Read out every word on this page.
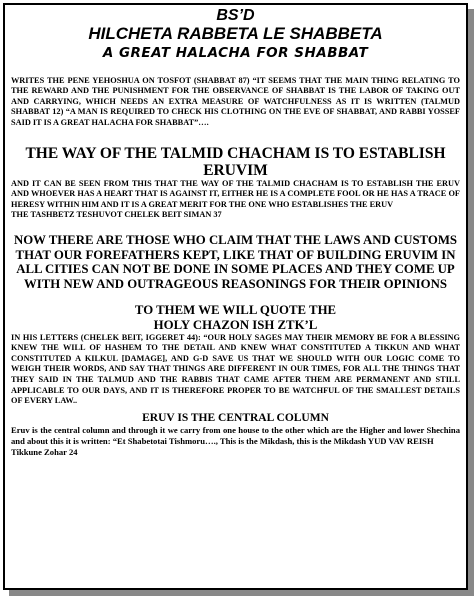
BS’D
HILCHETA RABBETA LE SHABBETA
A GREAT HALACHA FOR SHABBAT

WRITES THE PENE YEHOSHUA ON TOSFOT (SHABBAT 87) “IT SEEMS THAT THE MAIN THING RELATING TO THE REWARD AND THE PUNISHMENT FOR THE OBSERVANCE OF SHABBAT IS THE LABOR OF TAKING OUT AND CARRYING, WHICH NEEDS AN EXTRA MEASURE OF WATCHFULNESS AS IT IS WRITTEN (TALMUD SHABBAT 12) “A MAN IS REQUIRED TO CHECK HIS CLOTHING ON THE EVE OF SHABBAT, AND RABBI YOSSEF SAID IT IS A GREAT HALACHA FOR SHABBAT”….

THE WAY OF THE TALMID CHACHAM IS TO ESTABLISH ERUVIM

AND IT CAN BE SEEN FROM THIS THAT THE WAY OF THE TALMID CHACHAM IS TO ESTABLISH THE ERUV AND WHOEVER HAS A HEART THAT IS AGAINST IT, EITHER HE IS A COMPLETE FOOL OR HE HAS A TRACE OF HERESY WITHIN HIM AND IT IS A GREAT MERIT FOR THE ONE WHO ESTABLISHES THE ERUV

THE TASHBETZ TESHUVOT CHELEK BEIT SIMAN 37

NOW THERE ARE THOSE WHO CLAIM THAT THE LAWS AND CUSTOMS THAT OUR FOREFATHERS KEPT, LIKE THAT OF BUILDING ERUVIM IN ALL CITIES CAN NOT BE DONE IN SOME PLACES AND THEY COME UP WITH NEW AND OUTRAGEOUS REASONINGS FOR THEIR OPINIONS
TO THEM WE WILL QUOTE THE
HOLY CHAZON ISH ZTK’L

IN HIS LETTERS (CHELEK BEIT, IGGERET 44): “OUR HOLY SAGES MAY THEIR MEMORY BE FOR A BLESSING KNEW THE WILL OF HASHEM TO THE DETAIL AND KNEW WHAT CONSTITUTED A TIKKUN AND WHAT CONSTITUTED A KILKUL [DAMAGE], AND G-D SAVE US THAT WE SHOULD WITH OUR LOGIC COME TO WEIGH THEIR WORDS, AND SAY THAT THINGS ARE DIFFERENT IN OUR TIMES, FOR ALL THE THINGS THAT THEY SAID IN THE TALMUD AND THE RABBIS THAT CAME AFTER THEM ARE PERMANENT AND STILL APPLICABLE TO OUR DAYS, AND IT IS THEREFORE PROPER TO BE WATCHFUL OF THE SMALLEST DETAILS OF EVERY LAW..

ERUV IS THE CENTRAL COLUMN

Eruv is the central column and through it we carry from one house to the other which are the Higher and lower Shechina and about this it is written: “Et Shabetotai Tishmoru…., This is the Mikdash, this is the Mikdash YUD VAV REISH

Tikkune Zohar 24
